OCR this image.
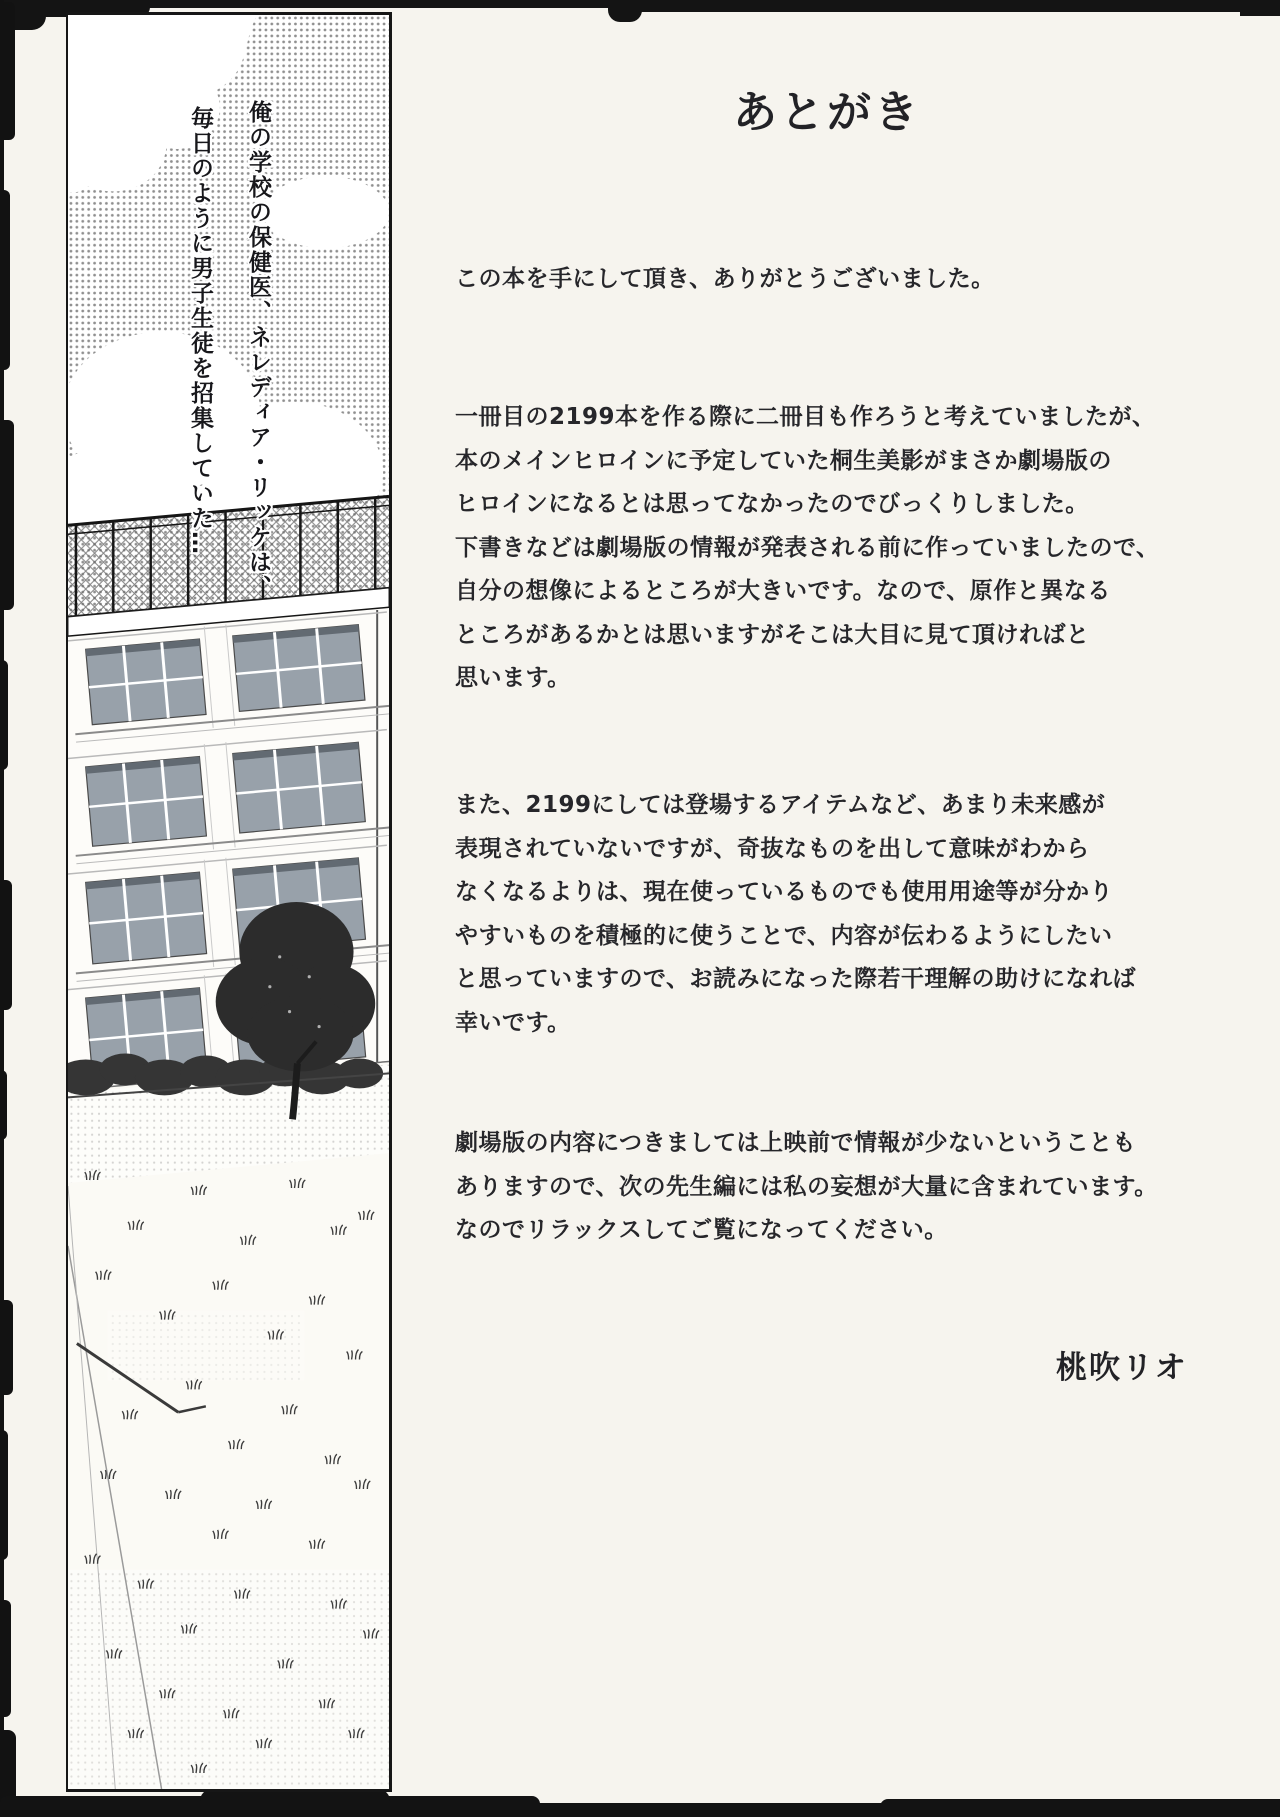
俺の学校の保健医、ネレディア・リッケは、
毎日のように男子生徒を招集していた…	あとがき
この本を手にして頂き、ありがとうございました。
一冊目の2199本を作る際に二冊目も作ろうと考えていましたが、
本のメインヒロインに予定していた桐生美影がまさか劇場版の
ヒロインになるとは思ってなかったのでびっくりしました。
下書きなどは劇場版の情報が発表される前に作っていましたので、
自分の想像によるところが大きいです。なので、原作と異なる
ところがあるかとは思いますがそこは大目に見て頂ければと
思います。
また、2199にしては登場するアイテムなど、あまり未来感が
表現されていないですが、奇抜なものを出して意味がわから
なくなるよりは、現在使っているものでも使用用途等が分かり
やすいものを積極的に使うことで、内容が伝わるようにしたい
と思っていますので、お読みになった際若干理解の助けになれば
幸いです。
劇場版の内容につきましては上映前で情報が少ないということも
ありますので、次の先生編には私の妄想が大量に含まれています。
なのでリラックスしてご覧になってください。
桃吹リオ
